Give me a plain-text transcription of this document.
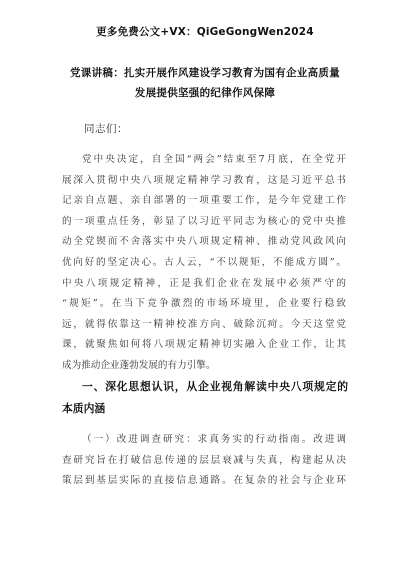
更多免费公文+VX：QiGeGongWen2024
党课讲稿：扎实开展作风建设学习教育为国有企业高质量
发展提供坚强的纪律作风保障
同志们：
党中央决定，自全国“两会”结束至7月底，在全党开
展深入贯彻中央八项规定精神学习教育，这是习近平总书
记亲自点题、亲自部署的一项重要工作，是今年党建工作
的一项重点任务，彰显了以习近平同志为核心的党中央推
动全党锲而不舍落实中央八项规定精神、推动党风政风向
优向好的坚定决心。古人云，“不以规矩，不能成方圆”。
中央八项规定精神，正是我们企业在发展中必须严守的
“规矩”。在当下竞争激烈的市场环境里，企业要行稳致
远，就得依靠这一精神校准方向、破除沉疴。今天这堂党
课，就聚焦如何将八项规定精神切实融入企业工作，让其
成为推动企业蓬勃发展的有力引擎。
一、深化思想认识，从企业视角解读中央八项规定的
本质内涵
（一）改进调查研究：求真务实的行动指南。改进调
查研究旨在打破信息传递的层层衰减与失真，构建起从决
策层到基层实际的直接信息通路。在复杂的社会与企业环
